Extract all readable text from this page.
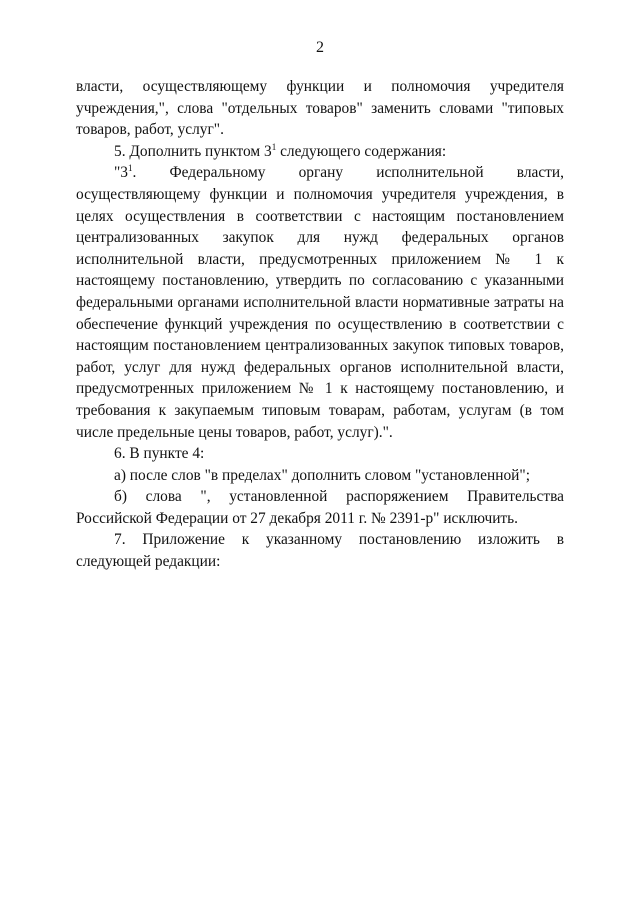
2

власти, осуществляющему функции и полномочия учредителя учреждения,", слова "отдельных товаров" заменить словами "типовых товаров, работ, услуг".

5. Дополнить пунктом $3^1$ следующего содержания:

"$3^1$. Федеральному органу исполнительной власти, осуществляющему функции и полномочия учредителя учреждения, в целях осуществления в соответствии с настоящим постановлением централизованных закупок для нужд федеральных органов исполнительной власти, предусмотренных приложением № 1 к настоящему постановлению, утвердить по согласованию с указанными федеральными органами исполнительной власти нормативные затраты на обеспечение функций учреждения по осуществлению в соответствии с настоящим постановлением централизованных закупок типовых товаров, работ, услуг для нужд федеральных органов исполнительной власти, предусмотренных приложением № 1 к настоящему постановлению, и требования к закупаемым типовым товарам, работам, услугам (в том числе предельные цены товаров, работ, услуг).".

6. В пункте 4:

а) после слов "в пределах" дополнить словом "установленной";

б) слова ", установленной распоряжением Правительства Российской Федерации от 27 декабря 2011 г. № 2391-р" исключить.

7. Приложение к указанному постановлению изложить в следующей редакции:
